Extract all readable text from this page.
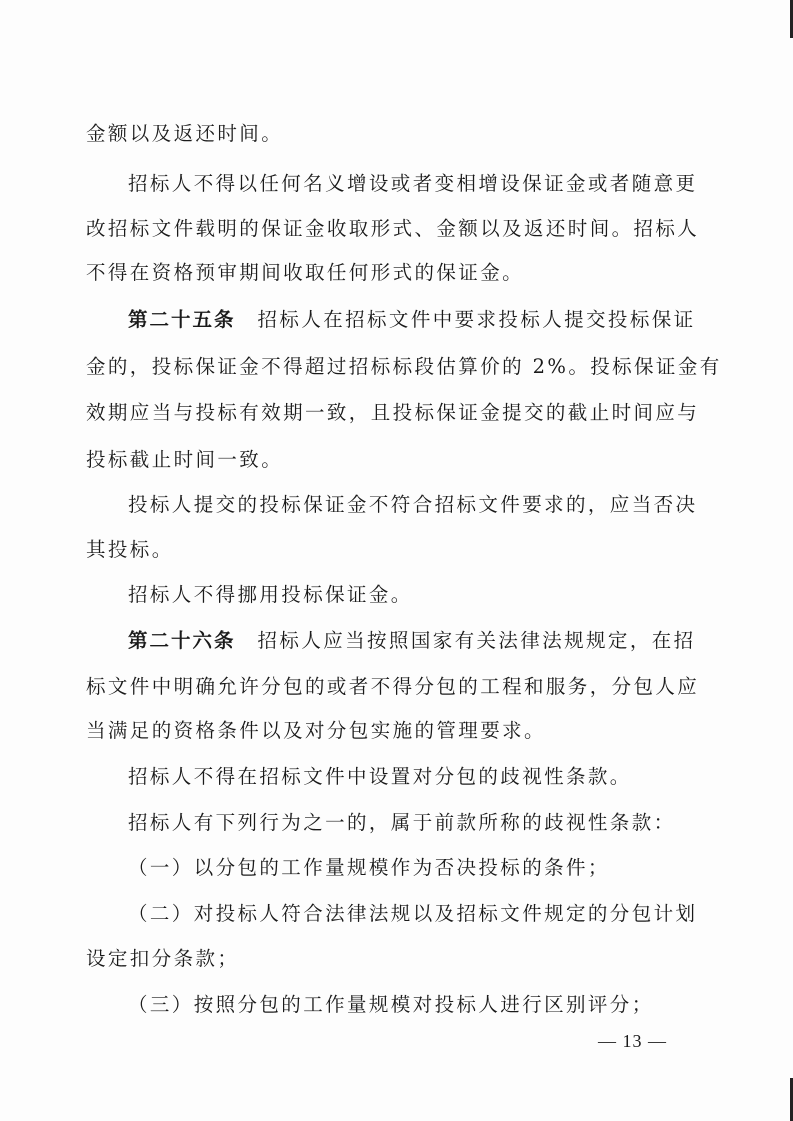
金额以及返还时间。
招标人不得以任何名义增设或者变相增设保证金或者随意更
改招标文件载明的保证金收取形式、金额以及返还时间。招标人
不得在资格预审期间收取任何形式的保证金。
第二十五条 招标人在招标文件中要求投标人提交投标保证
金的，投标保证金不得超过招标标段估算价的 2%。投标保证金有
效期应当与投标有效期一致，且投标保证金提交的截止时间应与
投标截止时间一致。
投标人提交的投标保证金不符合招标文件要求的，应当否决
其投标。
招标人不得挪用投标保证金。
第二十六条 招标人应当按照国家有关法律法规规定，在招
标文件中明确允许分包的或者不得分包的工程和服务，分包人应
当满足的资格条件以及对分包实施的管理要求。
招标人不得在招标文件中设置对分包的歧视性条款。
招标人有下列行为之一的，属于前款所称的歧视性条款：
（一）以分包的工作量规模作为否决投标的条件；
（二）对投标人符合法律法规以及招标文件规定的分包计划
设定扣分条款；
（三）按照分包的工作量规模对投标人进行区别评分；
— 13 —
